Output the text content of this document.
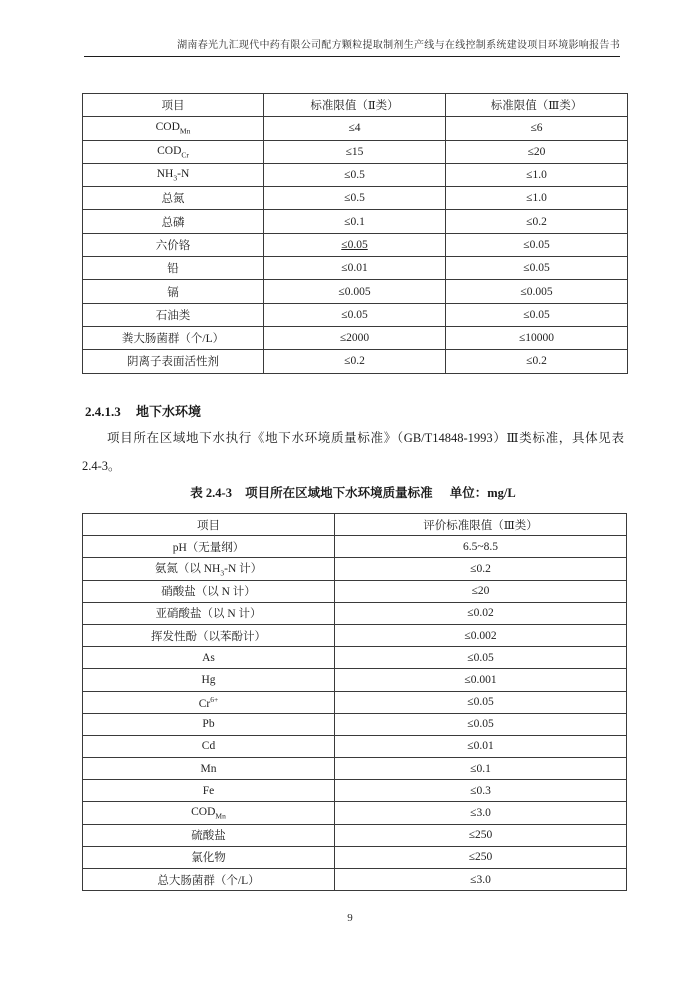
湖南春光九汇现代中药有限公司配方颗粒提取制剂生产线与在线控制系统建设项目环境影响报告书
项目	标准限值（Ⅱ类）	标准限值（Ⅲ类）
$COD_{Mn}$	≤4	≤6
$COD_{Cr}$	≤15	≤20
$NH_3-N$	≤0.5	≤1.0
总氮	≤0.5	≤1.0
总磷	≤0.1	≤0.2
六价铬	≤0.05	≤0.05
铅	≤0.01	≤0.05
镉	≤0.005	≤0.005
石油类	≤0.05	≤0.05
粪大肠菌群（个/L）	≤2000	≤10000
阴离子表面活性剂	≤0.2	≤0.2
2.4.1.3 地下水环境

项目所在区域地下水执行《地下水环境质量标准》（GB/T14848-1993）Ⅲ类标准，具体见表 2.4-3。

表 2.4-3 项目所在区域地下水环境质量标准 单位：mg/L
项目	评价标准限值（Ⅲ类）
pH（无量纲）	6.5~8.5
氨氮（以 $NH_3-N$ 计）	≤0.2
硝酸盐（以 N 计）	≤20
亚硝酸盐（以 N 计）	≤0.02
挥发性酚（以苯酚计）	≤0.002
As	≤0.05
Hg	≤0.001
$Cr^{6+}$	≤0.05
Pb	≤0.05
Cd	≤0.01
Mn	≤0.1
Fe	≤0.3
$COD_{Mn}$	≤3.0
硫酸盐	≤250
氯化物	≤250
总大肠菌群（个/L）	≤3.0
9
